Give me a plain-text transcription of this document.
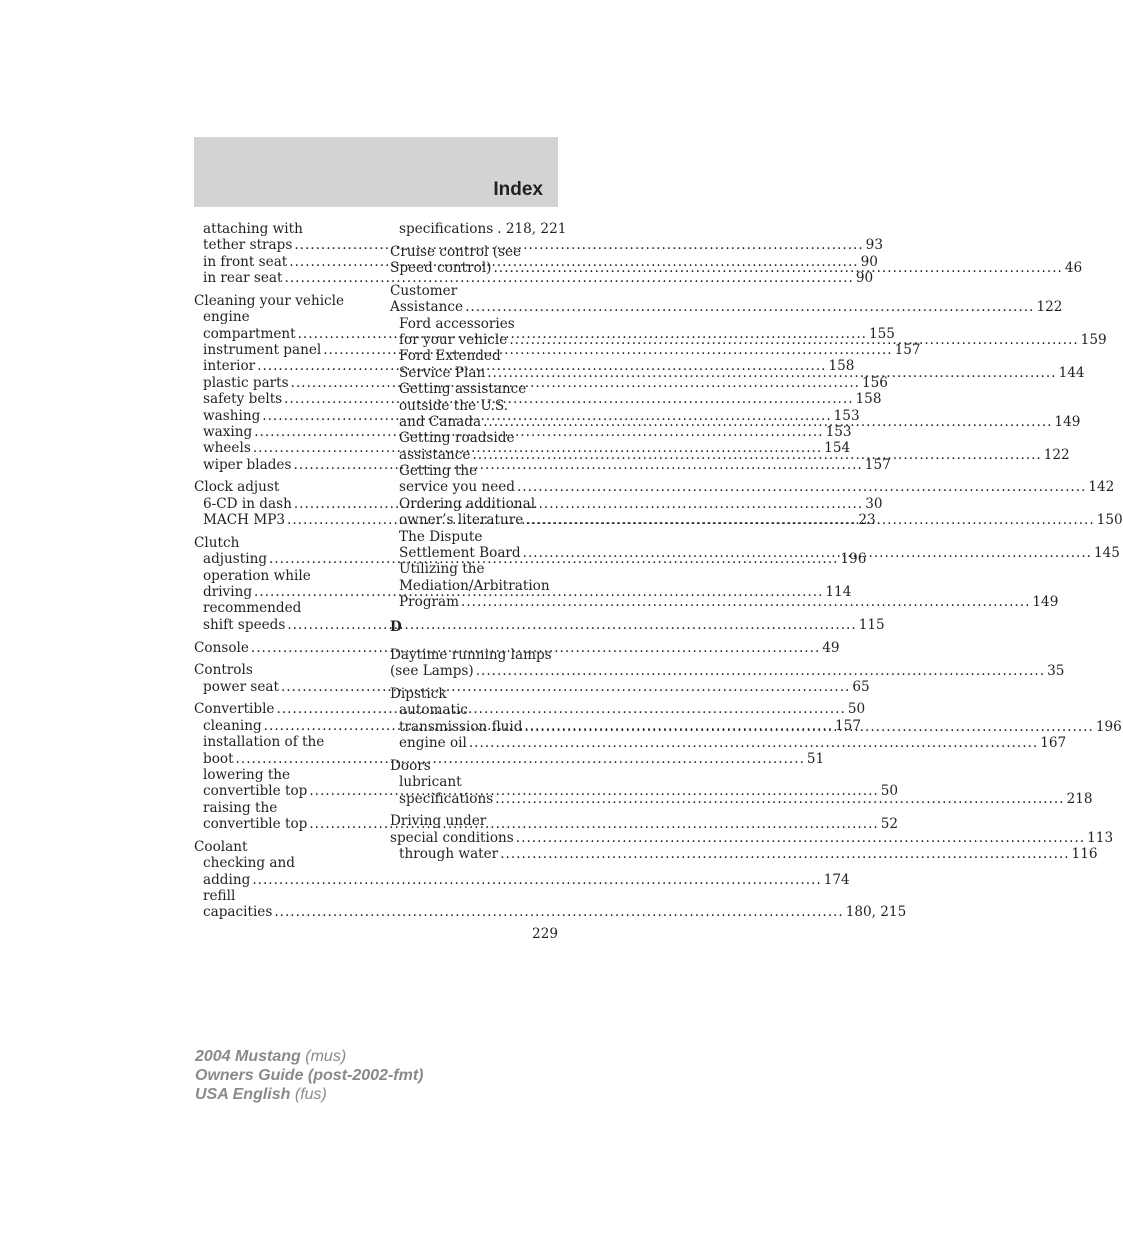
Index
attaching with
tether straps .....	93
in front seat .....	90
in rear seat .....	90
Cleaning your vehicle
engine
compartment .....	155
instrument panel .....	157
interior .....	158
plastic parts .....	156
safety belts .....	158
washing .....	153
waxing .....	153
wheels .....	154
wiper blades .....	157
Clock adjust
6-CD in dash .....	30
MACH MP3 .....	23
Clutch
adjusting .....	196
operation while
driving .....	114
recommended
shift speeds .....	115
Console .....	49
Controls
power seat .....	65
Convertible .....	50
cleaning .....	157
installation of the
boot .....	51
lowering the
convertible top .....	50
raising the
convertible top .....	52
Coolant
checking and
adding .....	174
refill
capacities .....	180, 215
specifications . 218, 221
Cruise control (see
Speed control) .....	46
Customer
Assistance .....	122
Ford accessories
for your vehicle .....	159
Ford Extended
Service Plan .....	144
Getting assistance
outside the U.S.
and Canada .....	149
Getting roadside
assistance .....	122
Getting the
service you need .....	142
Ordering additional
owner’s literature .....	150
The Dispute
Settlement Board .....	145
Utilizing the
Mediation/Arbitration
Program .....	149
D
Daytime running lamps
(see Lamps) .....	35
Dipstick
automatic
transmission fluid .....	196
engine oil .....	167
Doors
lubricant
specifications .....	218
Driving under
special conditions .....	113
through water .....	116
229
2004 Mustang (mus)
Owners Guide (post-2002-fmt)
USA English (fus)
